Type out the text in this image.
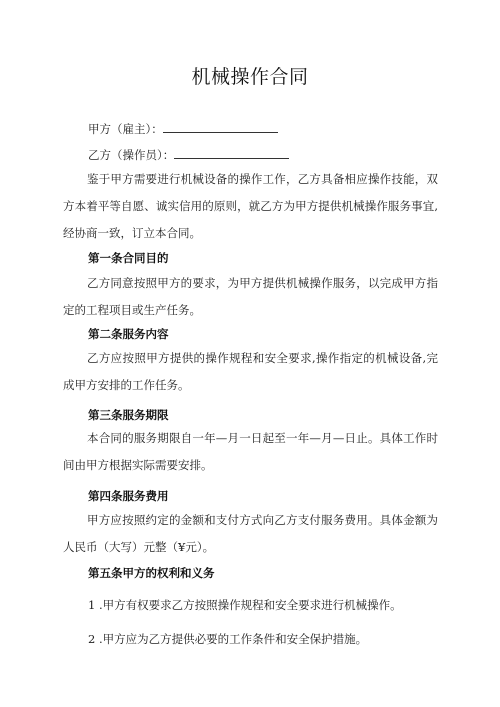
机械操作合同
甲方（雇主）：
乙方（操作员）：
鉴于甲方需要进行机械设备的操作工作，乙方具备相应操作技能，双方本着平等自愿、诚实信用的原则，就乙方为甲方提供机械操作服务事宜,经协商一致，订立本合同。
第一条合同目的
乙方同意按照甲方的要求，为甲方提供机械操作服务，以完成甲方指定的工程项目或生产任务。
第二条服务内容
乙方应按照甲方提供的操作规程和安全要求,操作指定的机械设备,完成甲方安排的工作任务。
第三条服务期限
本合同的服务期限自一年—月一日起至一年—月—日止。具体工作时间由甲方根据实际需要安排。
第四条服务费用
甲方应按照约定的金额和支付方式向乙方支付服务费用。具体金额为人民币（大写）元整（¥元）。
第五条甲方的权利和义务
1 .甲方有权要求乙方按照操作规程和安全要求进行机械操作。
2 .甲方应为乙方提供必要的工作条件和安全保护措施。
